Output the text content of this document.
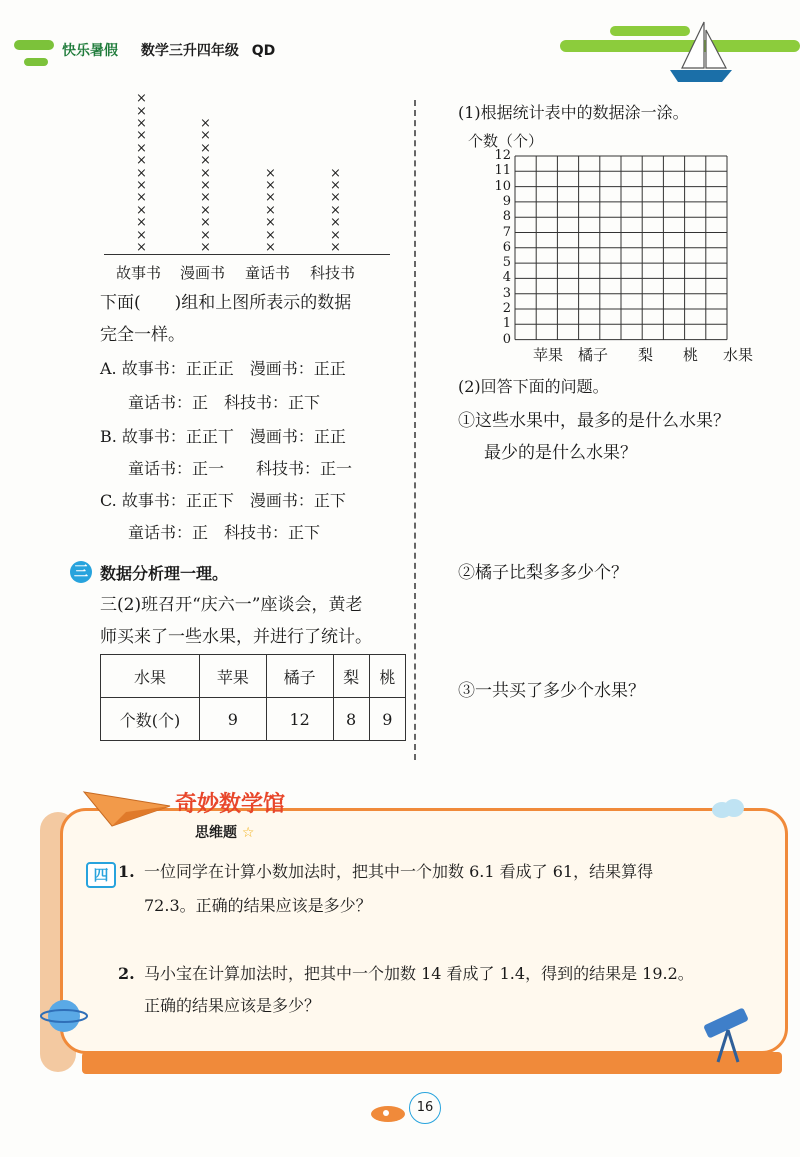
快乐暑假 数学三升四年级 QD
×
×
×
×
×
×
×
×
×
×
×
×
×
故事书
×
×
×
×
×
×
×
×
×
×
×
漫画书
×
×
×
×
×
×
×
童话书
×
×
×
×
×
×
×
科技书
下面(　　)组和上图所表示的数据
完全一样。
A. 故事书：正正正　漫画书：正正
童话书：正　科技书：正下
B. 故事书：正正丅　漫画书：正正
童话书：正一　　科技书：正一
C. 故事书：正正下　漫画书：正下
童话书：正　科技书：正下
三 数据分析理一理。
三(2)班召开“庆六一”座谈会，黄老
师买来了一些水果，并进行了统计。
水果	苹果	橘子	梨	桃
个数(个)	9	12	8	9
(1)根据统计表中的数据涂一涂。
个数（个）
12
11
10
9
8
7
6
5
4
3
2
1
0
苹果 橘子 梨 桃 水果
(2)回答下面的问题。
①这些水果中，最多的是什么水果？
最少的是什么水果？
②橘子比梨多多少个？
③一共买了多少个水果？
奇妙数学馆
思维题 ☆
四 1. 一位同学在计算小数加法时，把其中一个加数 6.1 看成了 61，结果算得
72.3。正确的结果应该是多少？
2. 马小宝在计算加法时，把其中一个加数 14 看成了 1.4，得到的结果是 19.2。
正确的结果应该是多少？
16
